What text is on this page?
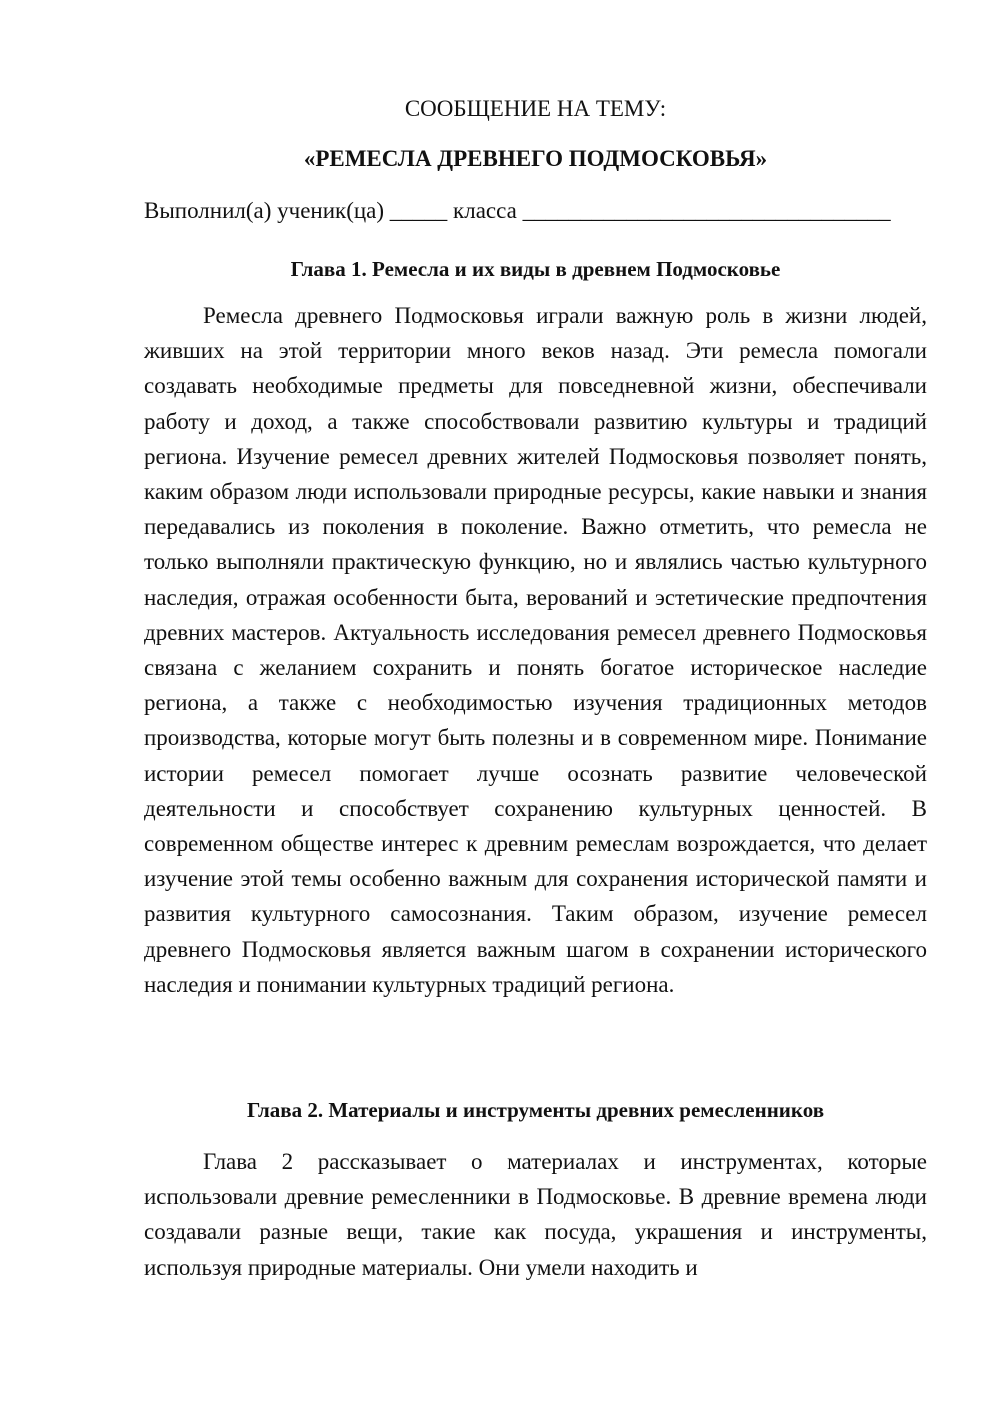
СООБЩЕНИЕ НА ТЕМУ:
«РЕМЕСЛА ДРЕВНЕГО ПОДМОСКОВЬЯ»
Выполнил(а) ученик(ца) _____ класса ________________________________
Глава 1. Ремесла и их виды в древнем Подмосковье

Ремесла древнего Подмосковья играли важную роль в жизни людей, живших на этой территории много веков назад. Эти ремесла помогали создавать необходимые предметы для повседневной жизни, обеспечивали работу и доход, а также способствовали развитию культуры и традиций региона. Изучение ремесел древних жителей Подмосковья позволяет понять, каким образом люди использовали природные ресурсы, какие навыки и знания передавались из поколения в поколение. Важно отметить, что ремесла не только выполняли практическую функцию, но и являлись частью культурного наследия, отражая особенности быта, верований и эстетические предпочтения древних мастеров. Актуальность исследования ремесел древнего Подмосковья связана с желанием сохранить и понять богатое историческое наследие региона, а также с необходимостью изучения традиционных методов производства, которые могут быть полезны и в современном мире. Понимание истории ремесел помогает лучше осознать развитие человеческой деятельности и способствует сохранению культурных ценностей. В современном обществе интерес к древним ремеслам возрождается, что делает изучение этой темы особенно важным для сохранения исторической памяти и развития культурного самосознания. Таким образом, изучение ремесел древнего Подмосковья является важным шагом в сохранении исторического наследия и понимании культурных традиций региона.

Глава 2. Материалы и инструменты древних ремесленников

Глава 2 рассказывает о материалах и инструментах, которые использовали древние ремесленники в Подмосковье. В древние времена люди создавали разные вещи, такие как посуда, украшения и инструменты, используя природные материалы. Они умели находить и
